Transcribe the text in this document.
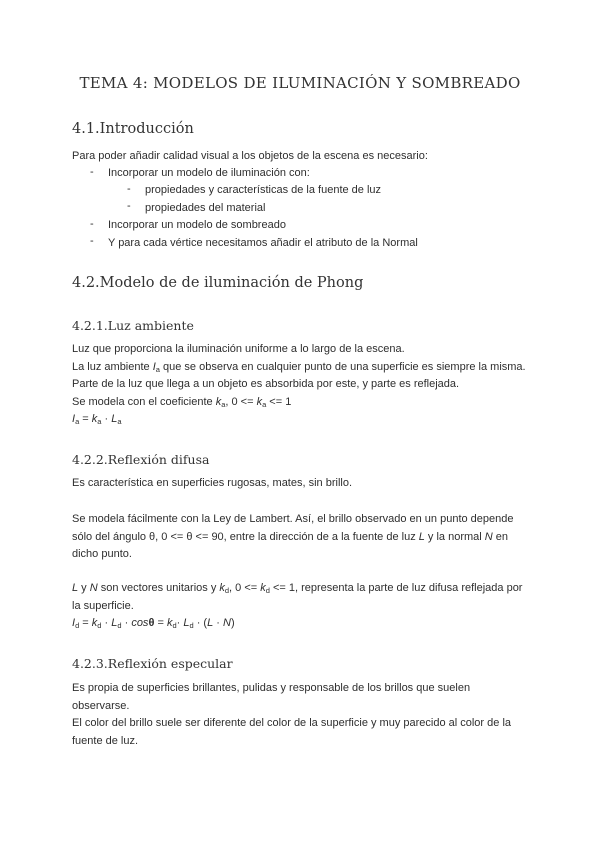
TEMA 4: MODELOS DE ILUMINACIÓN Y SOMBREADO
4.1.Introducción
Para poder añadir calidad visual a los objetos de la escena es necesario:
- Incorporar un modelo de iluminación con:
- propiedades y características de la fuente de luz
- propiedades del material
- Incorporar un modelo de sombreado
- Y para cada vértice necesitamos añadir el atributo de la Normal
4.2.Modelo de de iluminación de Phong
4.2.1.Luz ambiente
Luz que proporciona la iluminación uniforme a lo largo de la escena.
La luz ambiente $I_a$ que se observa en cualquier punto de una superficie es siempre la misma.
Parte de la luz que llega a un objeto es absorbida por este, y parte es reflejada.
Se modela con el coeficiente $k_a$, $0 <= k_a <= 1$
$I_a = k_a \cdot L_a$
4.2.2.Reflexión difusa
Es característica en superficies rugosas, mates, sin brillo.
Se modela fácilmente con la Ley de Lambert. Así, el brillo observado en un punto depende
sólo del ángulo θ, 0 <= θ <= 90, entre la dirección de a la fuente de luz L y la normal N en
dicho punto.
L y N son vectores unitarios y $k_d$, $0 <= k_d <= 1$, representa la parte de luz difusa reflejada por
la superficie.
$I_d = k_d \cdot L_d \cdot \cos\theta = k_d\cdot L_d \cdot (L \cdot N)$
4.2.3.Reflexión especular
Es propia de superficies brillantes, pulidas y responsable de los brillos que suelen
observarse.
El color del brillo suele ser diferente del color de la superficie y muy parecido al color de la
fuente de luz.
